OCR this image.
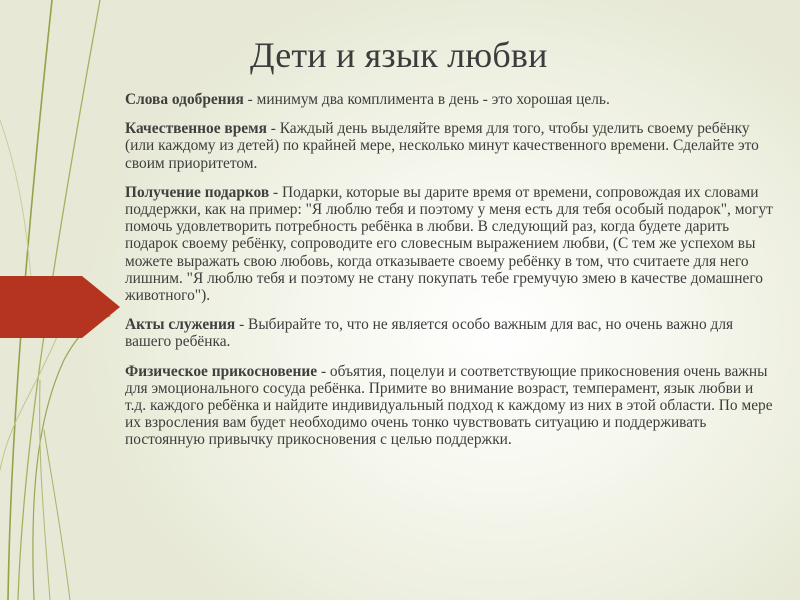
Дети и язык любви

Слова одобрения - минимум два комплимента в день - это хорошая цель.

Качественное время - Каждый день выделяйте время для того, чтобы уделить своему ребёнку (или каждому из детей) по крайней мере, несколько минут качественного времени. Сделайте это своим приоритетом.

Получение подарков - Подарки, которые вы дарите время от времени, сопровождая их словами поддержки, как на пример: "Я люблю тебя и поэтому у меня есть для тебя особый подарок", могут помочь удовлетворить потребность ребёнка в любви. В следующий раз, когда будете дарить подарок своему ребёнку, сопроводите его словесным выражением любви, (С тем же успехом вы можете выражать свою любовь, когда отказываете своему ребёнку в том, что считаете для него лишним. "Я люблю тебя и поэтому не стану покупать тебе гремучую змею в качестве домашнего животного").

Акты служения - Выбирайте то, что не является особо важным для вас, но очень важно для вашего ребёнка.

Физическое прикосновение - объятия, поцелуи и соответствующие прикосновения очень важны для эмоционального сосуда ребёнка. Примите во внимание возраст, темперамент, язык любви и т.д. каждого ребёнка и найдите индивидуальный подход к каждому из них в этой области. По мере их взросления вам будет необходимо очень тонко чувствовать ситуацию и поддерживать постоянную привычку прикосновения с целью поддержки.
